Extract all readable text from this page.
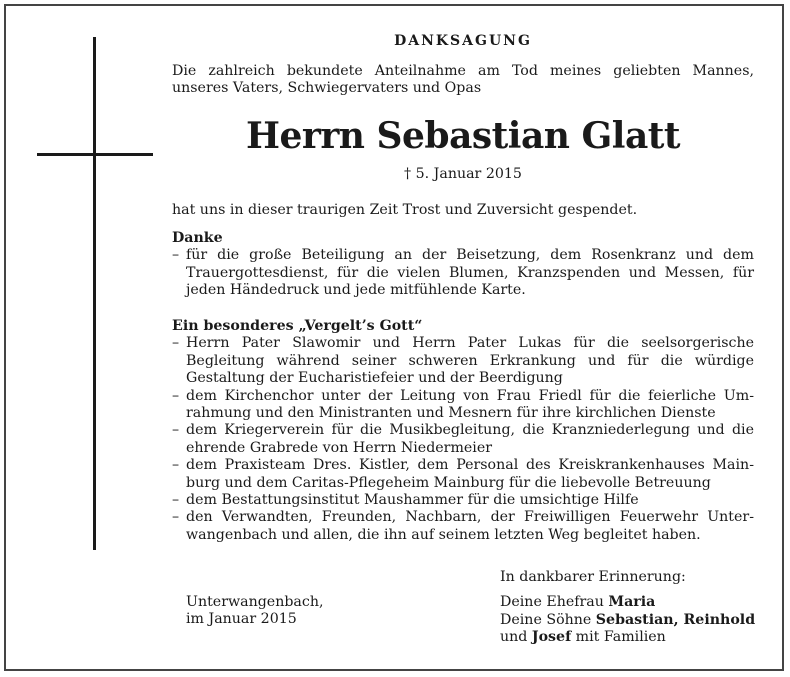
DANKSAGUNG
Die zahlreich bekundete Anteilnahme am Tod meines geliebten Mannes, unseres Vaters, Schwiegervaters und Opas
Herrn Sebastian Glatt
† 5. Januar 2015
hat uns in dieser traurigen Zeit Trost und Zuversicht gespendet.
Danke
– für die große Beteiligung an der Beisetzung, dem Rosenkranz und dem Trauergottesdienst, für die vielen Blumen, Kranzspenden und Messen, für jeden Händedruck und jede mitfühlende Karte.
Ein besonderes „Vergelt’s Gott“
– Herrn Pater Slawomir und Herrn Pater Lukas für die seelsorgerische Begleitung während seiner schweren Erkrankung und für die würdige Gestaltung der Eucharistiefeier und der Beerdigung
– dem Kirchenchor unter der Leitung von Frau Friedl für die feierliche Umrahmung und den Ministranten und Mesnern für ihre kirchlichen Dienste
– dem Kriegerverein für die Musikbegleitung, die Kranzniederlegung und die ehrende Grabrede von Herrn Niedermeier
– dem Praxisteam Dres. Kistler, dem Personal des Kreiskrankenhauses Mainburg und dem Caritas-Pflegeheim Mainburg für die liebevolle Betreuung
– dem Bestattungsinstitut Maushammer für die umsichtige Hilfe
– den Verwandten, Freunden, Nachbarn, der Freiwilligen Feuerwehr Unterwangenbach und allen, die ihn auf seinem letzten Weg begleitet haben.
Unterwangenbach,
im Januar 2015
In dankbarer Erinnerung:
Deine Ehefrau Maria
Deine Söhne Sebastian, Reinhold
und Josef mit Familien
